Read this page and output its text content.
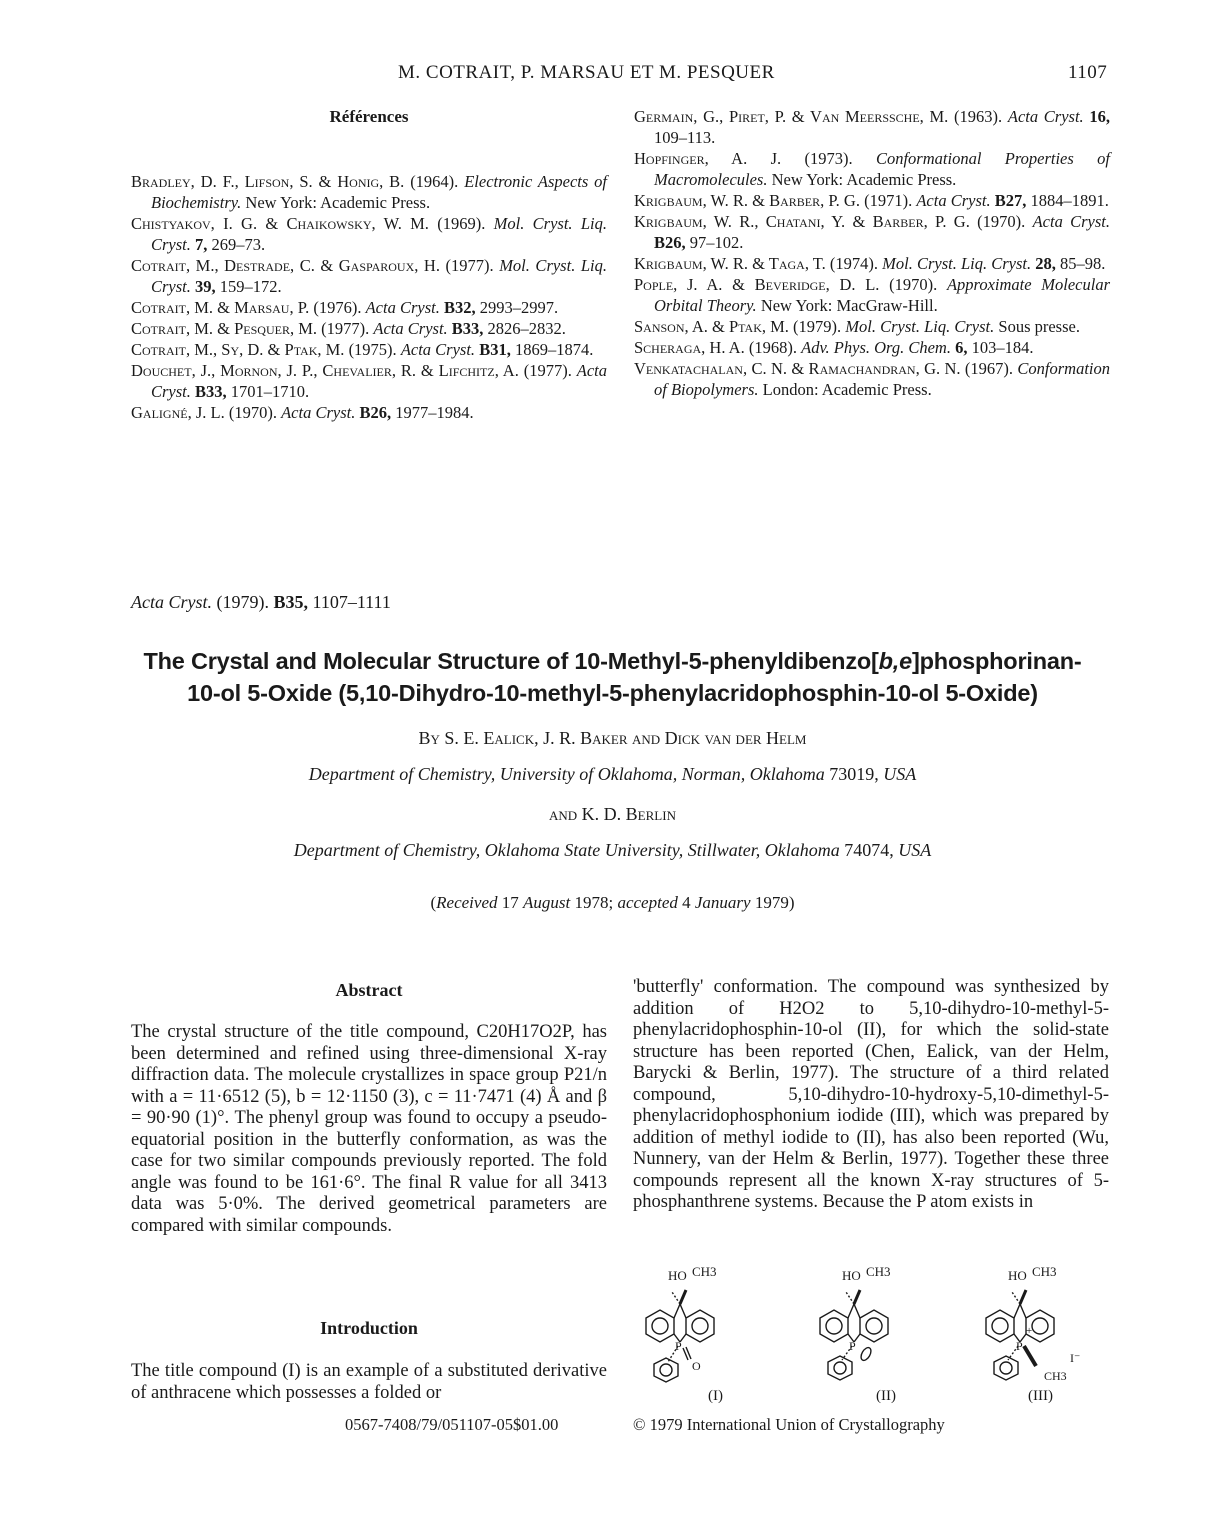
M. COTRAIT, P. MARSAU ET M. PESQUER	1107
Références
Bradley, D. F., Lifson, S. & Honig, B. (1964). Electronic Aspects of Biochemistry. New York: Academic Press.
Chistyakov, I. G. & Chaikowsky, W. M. (1969). Mol. Cryst. Liq. Cryst. 7, 269–73.
Cotrait, M., Destrade, C. & Gasparoux, H. (1977). Mol. Cryst. Liq. Cryst. 39, 159–172.
Cotrait, M. & Marsau, P. (1976). Acta Cryst. B32, 2993–2997.
Cotrait, M. & Pesquer, M. (1977). Acta Cryst. B33, 2826–2832.
Cotrait, M., Sy, D. & Ptak, M. (1975). Acta Cryst. B31, 1869–1874.
Douchet, J., Mornon, J. P., Chevalier, R. & Lifchitz, A. (1977). Acta Cryst. B33, 1701–1710.
Galigné, J. L. (1970). Acta Cryst. B26, 1977–1984.
Germain, G., Piret, P. & Van Meerssche, M. (1963). Acta Cryst. 16, 109–113.
Hopfinger, A. J. (1973). Conformational Properties of Macromolecules. New York: Academic Press.
Krigbaum, W. R. & Barber, P. G. (1971). Acta Cryst. B27, 1884–1891.
Krigbaum, W. R., Chatani, Y. & Barber, P. G. (1970). Acta Cryst. B26, 97–102.
Krigbaum, W. R. & Taga, T. (1974). Mol. Cryst. Liq. Cryst. 28, 85–98.
Pople, J. A. & Beveridge, D. L. (1970). Approximate Molecular Orbital Theory. New York: MacGraw-Hill.
Sanson, A. & Ptak, M. (1979). Mol. Cryst. Liq. Cryst. Sous presse.
Scheraga, H. A. (1968). Adv. Phys. Org. Chem. 6, 103–184.
Venkatachalan, C. N. & Ramachandran, G. N. (1967). Conformation of Biopolymers. London: Academic Press.
Acta Cryst. (1979). B35, 1107–1111
The Crystal and Molecular Structure of 10-Methyl-5-phenyldibenzo[b,e]phosphorinan-
10-ol 5-Oxide (5,10-Dihydro-10-methyl-5-phenylacridophosphin-10-ol 5-Oxide)
By S. E. Ealick, J. R. Baker and Dick van der Helm
Department of Chemistry, University of Oklahoma, Norman, Oklahoma 73019, USA
and K. D. Berlin
Department of Chemistry, Oklahoma State University, Stillwater, Oklahoma 74074, USA
(Received 17 August 1978; accepted 4 January 1979)
Abstract
The crystal structure of the title compound, C20H17O2P, has been determined and refined using three-dimensional X-ray diffraction data. The molecule crystallizes in space group P21/n with a = 11·6512 (5), b = 12·1150 (3), c = 11·7471 (4) Å and β = 90·90 (1)°. The phenyl group was found to occupy a pseudo-equatorial position in the butterfly conformation, as was the case for two similar compounds previously reported. The fold angle was found to be 161·6°. The final R value for all 3413 data was 5·0%. The derived geometrical parameters are compared with similar compounds.
Introduction
The title compound (I) is an example of a substituted derivative of anthracene which possesses a folded or
'butterfly' conformation. The compound was synthesized by addition of H2O2 to 5,10-dihydro-10-methyl-5-phenylacridophosphin-10-ol (II), for which the solid-state structure has been reported (Chen, Ealick, van der Helm, Barycki & Berlin, 1977). The structure of a third related compound, 5,10-dihydro-10-hydroxy-5,10-dimethyl-5-phenylacridophosphonium iodide (III), which was prepared by addition of methyl iodide to (II), has also been reported (Wu, Nunnery, van der Helm & Berlin, 1977). Together these three compounds represent all the known X-ray structures of 5-phosphanthrene systems. Because the P atom exists in
HO CH3
P
O
(I)
HO CH3
P
(II)
HO CH3
P
+
CH3
I⁻
(III)
0567-7408/79/051107-05$01.00	© 1979 International Union of Crystallography
